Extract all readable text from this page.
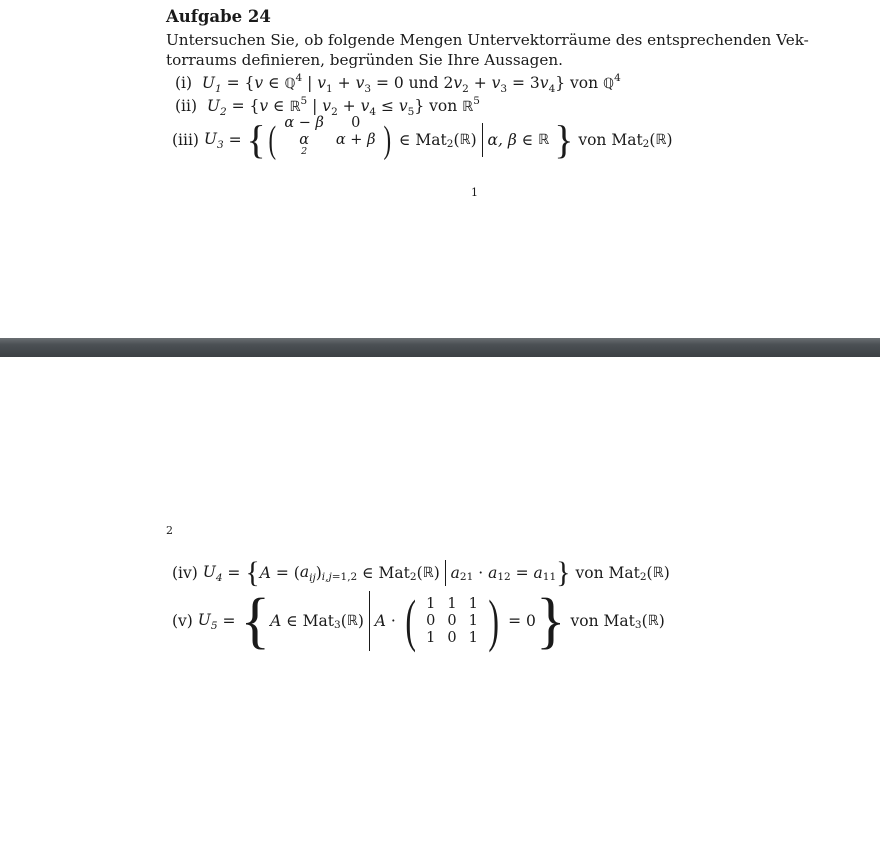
Aufgabe 24
Untersuchen Sie, ob folgende Mengen Untervektorräume des entsprechenden Vek-
torraums definieren, begründen Sie Ihre Aussagen.
(i)  $U_1 = \{v$ ∈ ℚ$^4$ | $v_1 + v_3 = 0$ und $2v_2 + v_3 = 3v_4$} von ℚ$^4$
(ii)  $U_2 = \{v$ ∈ ℝ$^5$ | $v_2 + v_4 \le v_5$} von ℝ$^5$
(iii) $U_3$ = { ( α − β	0
α
2
α + β ) ∈ Mat 2 ( ℝ )
α, β ∈ ℝ
} von Mat 2 ( ℝ )
1
2
(iv) $U_4$ = { A = ( $a_{ij}$ ) i,j =1,2 ∈ Mat 2 ( ℝ )
a 21 · a 12 = a 11 } von Mat 2 ( ℝ )
(v) $U_5$ = { A ∈ Mat 3 ( ℝ )
A · ( 1 1 1
0 0 1
1 0 1 ) = 0 } von Mat 3 ( ℝ )
